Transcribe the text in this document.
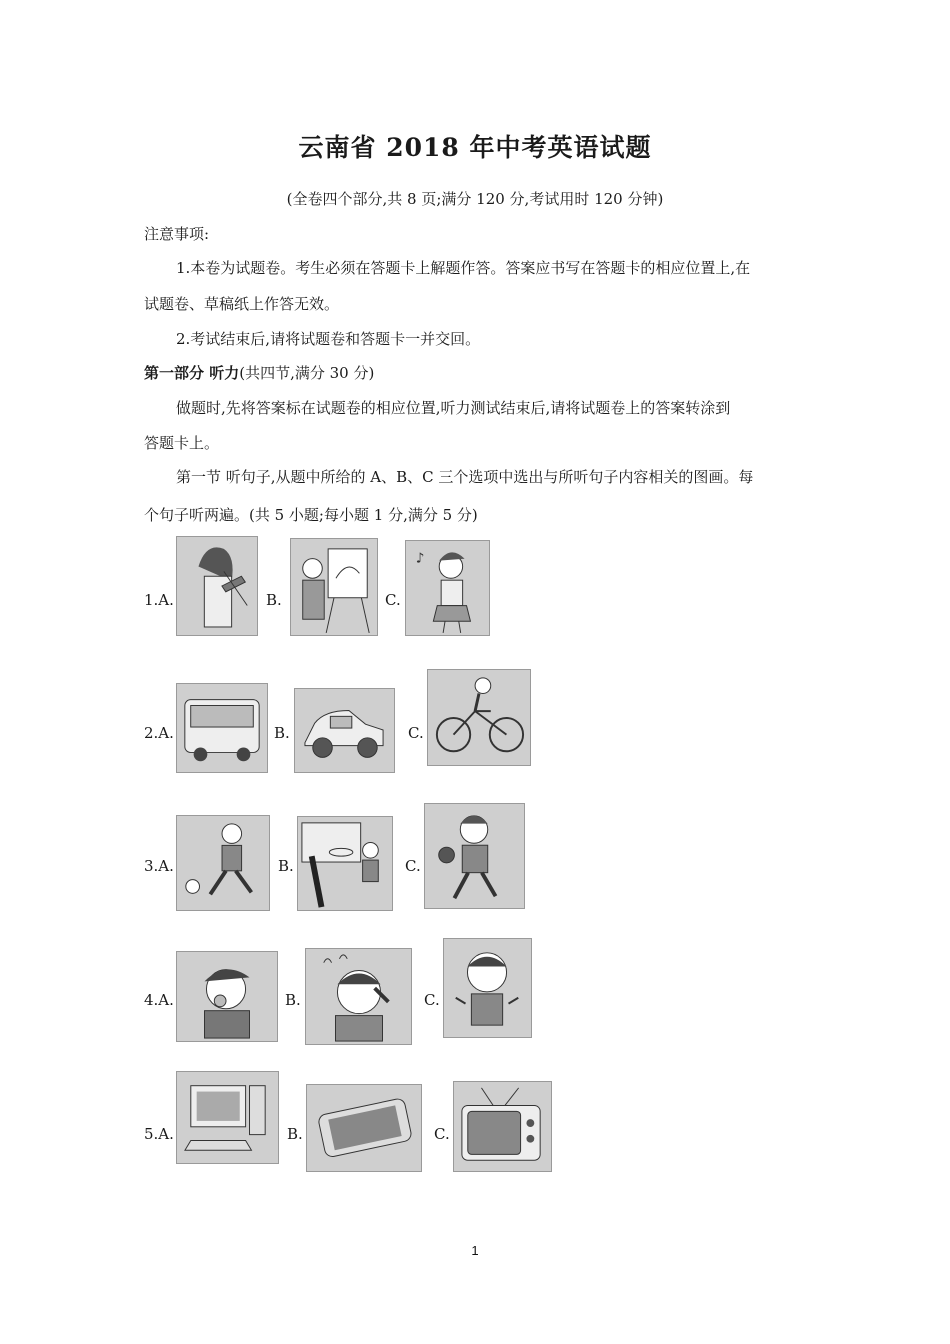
云南省 2018 年中考英语试题
(全卷四个部分,共 8 页;满分 120 分,考试用时 120 分钟)
注意事项:
1.本卷为试题卷。考生必须在答题卡上解题作答。答案应书写在答题卡的相应位置上,在
试题卷、草稿纸上作答无效。
2.考试结束后,请将试题卷和答题卡一并交回。
第一部分 听力(共四节,满分 30 分)
做题时,先将答案标在试题卷的相应位置,听力测试结束后,请将试题卷上的答案转涂到
答题卡上。
第一节 听句子,从题中所给的 A、B、C 三个选项中选出与所听句子内容相关的图画。每
个句子听两遍。(共 5 小题;每小题 1 分,满分 5 分)
1.A.	B.	C.
♪
2.A.	B.	C.
3.A.	B.	C.
4.A.	B.	C.
5.A.	B.	C.
1
